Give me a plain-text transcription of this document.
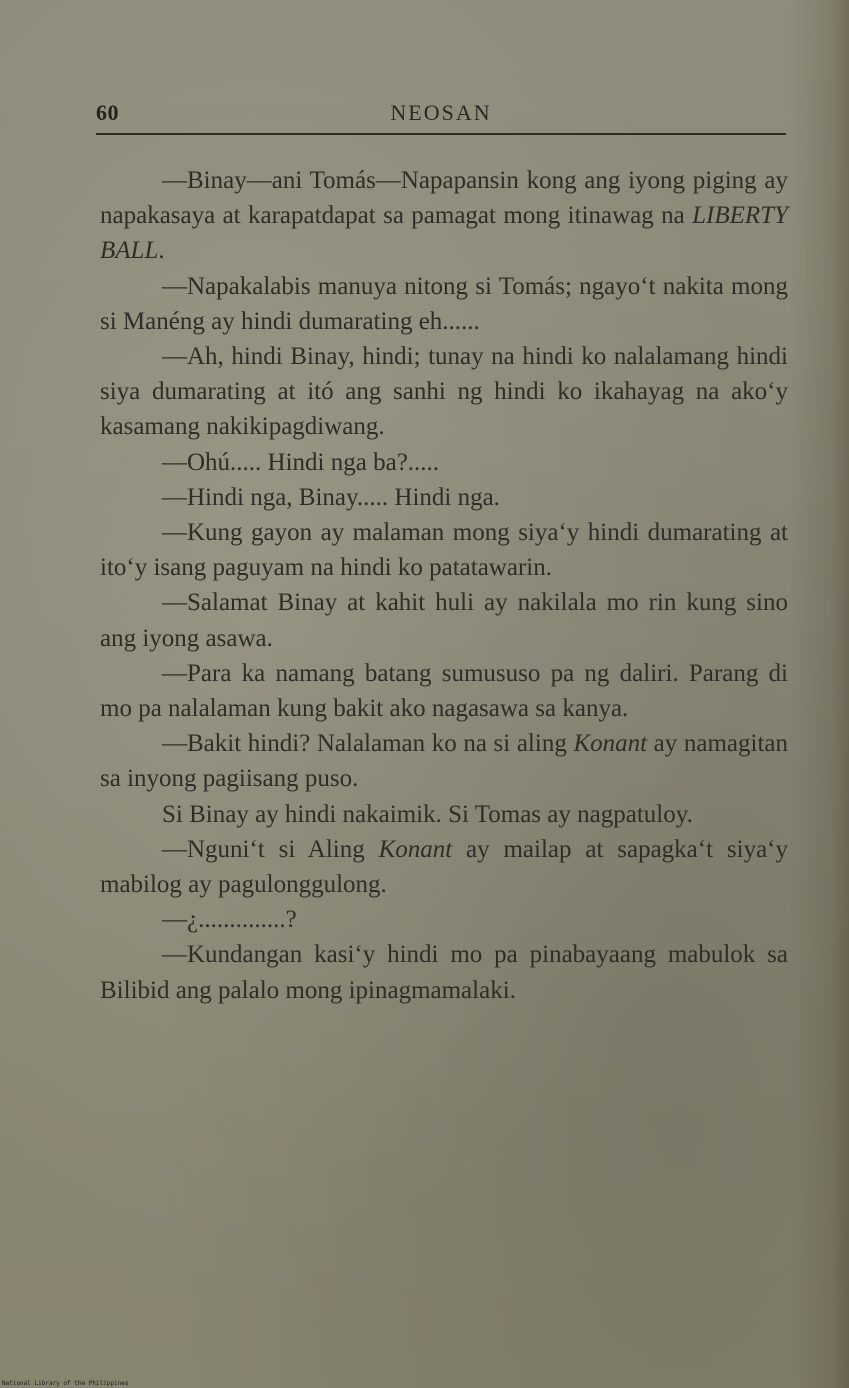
60	NEOSAN

—Binay—ani Tomás—Napapansin kong ang iyong piging ay napakasaya at karapatdapat sa pamagat mong itinawag na LIBERTY BALL.

—Napakalabis manuya nitong si Tomás; ngayo‘t nakita mong si Manéng ay hindi dumarating eh......

—Ah, hindi Binay, hindi; tunay na hindi ko nalalamang hindi siya dumarating at itó ang sanhi ng hindi ko ikahayag na ako‘y kasamang nakikipagdiwang.

—Ohú..... Hindi nga ba?.....

—Hindi nga, Binay..... Hindi nga.

—Kung gayon ay malaman mong siya‘y hindi dumarating at ito‘y isang paguyam na hindi ko patatawarin.

—Salamat Binay at kahit huli ay nakilala mo rin kung sino ang iyong asawa.

—Para ka namang batang sumususo pa ng daliri. Parang di mo pa nalalaman kung bakit ako nagasawa sa kanya.

—Bakit hindi? Nalalaman ko na si aling Konant ay namagitan sa inyong pagiisang puso.

Si Binay ay hindi nakaimik. Si Tomas ay nagpatuloy.

—Nguni‘t si Aling Konant ay mailap at sapagka‘t siya‘y mabilog ay pagulonggulong.

—¿..............?

—Kundangan kasi‘y hindi mo pa pinabayaang mabulok sa Bilibid ang palalo mong ipinagmamalaki.

National Library of the Philippines
